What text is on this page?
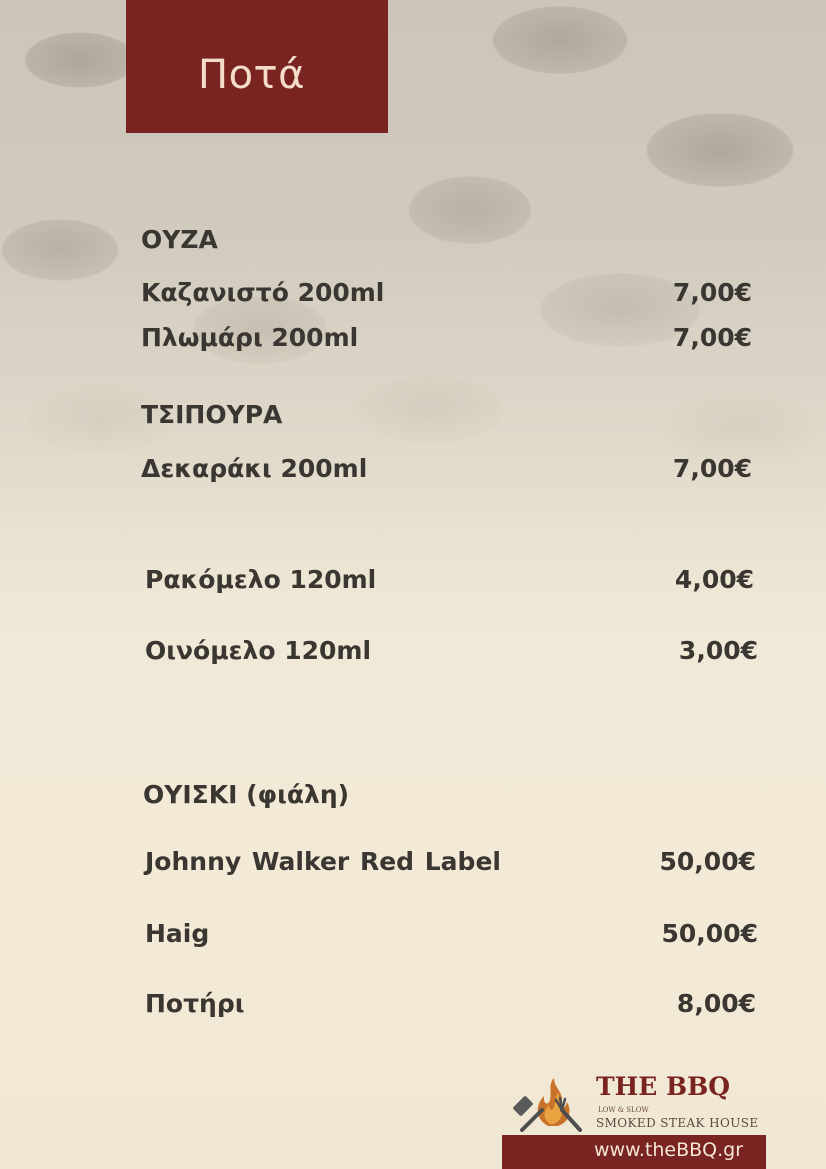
Ποτά
ΟΥΖΑ
Καζανιστό 200ml	7,00€
Πλωμάρι 200ml	7,00€
ΤΣΙΠΟΥΡΑ
Δεκαράκι 200ml	7,00€
Ρακόμελο 120ml	4,00€
Οινόμελο 120ml	3,00€
ΟΥΙΣΚΙ (φιάλη)
Johnny Walker Red Label	50,00€
Haig	50,00€
Ποτήρι	8,00€
THE BBQ
LOW & SLOW
SMOKED STEAK HOUSE
www.theBBQ.gr
